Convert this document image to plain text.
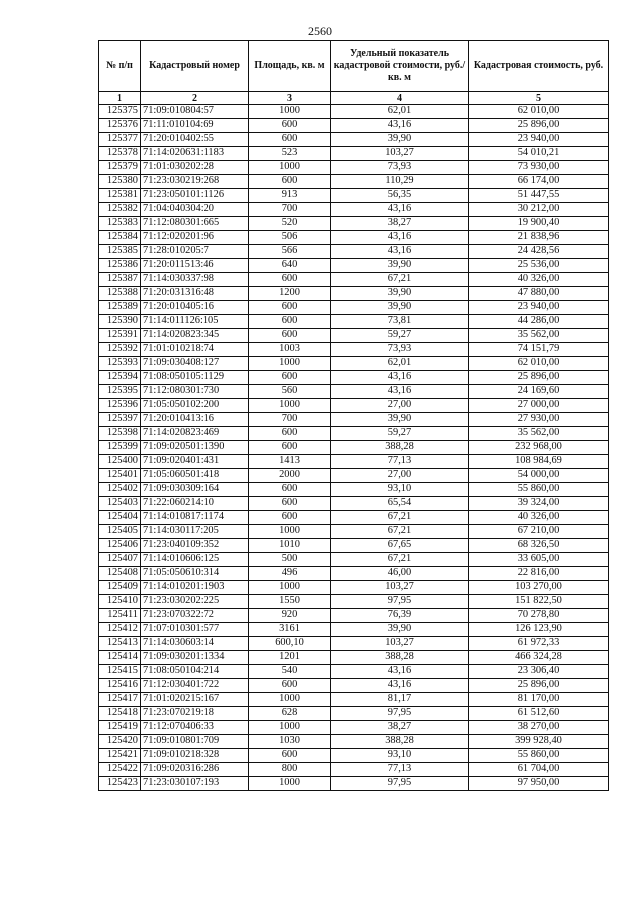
2560
№ п/п	Кадастровый номер	Площадь, кв. м	Удельный показатель кадастровой стоимости, руб./кв. м	Кадастровая стоимость, руб.
1	2	3	4	5
125375	71:09:010804:57	1000	62,01	62 010,00
125376	71:11:010104:69	600	43,16	25 896,00
125377	71:20:010402:55	600	39,90	23 940,00
125378	71:14:020631:1183	523	103,27	54 010,21
125379	71:01:030202:28	1000	73,93	73 930,00
125380	71:23:030219:268	600	110,29	66 174,00
125381	71:23:050101:1126	913	56,35	51 447,55
125382	71:04:040304:20	700	43,16	30 212,00
125383	71:12:080301:665	520	38,27	19 900,40
125384	71:12:020201:96	506	43,16	21 838,96
125385	71:28:010205:7	566	43,16	24 428,56
125386	71:20:011513:46	640	39,90	25 536,00
125387	71:14:030337:98	600	67,21	40 326,00
125388	71:20:031316:48	1200	39,90	47 880,00
125389	71:20:010405:16	600	39,90	23 940,00
125390	71:14:011126:105	600	73,81	44 286,00
125391	71:14:020823:345	600	59,27	35 562,00
125392	71:01:010218:74	1003	73,93	74 151,79
125393	71:09:030408:127	1000	62,01	62 010,00
125394	71:08:050105:1129	600	43,16	25 896,00
125395	71:12:080301:730	560	43,16	24 169,60
125396	71:05:050102:200	1000	27,00	27 000,00
125397	71:20:010413:16	700	39,90	27 930,00
125398	71:14:020823:469	600	59,27	35 562,00
125399	71:09:020501:1390	600	388,28	232 968,00
125400	71:09:020401:431	1413	77,13	108 984,69
125401	71:05:060501:418	2000	27,00	54 000,00
125402	71:09:030309:164	600	93,10	55 860,00
125403	71:22:060214:10	600	65,54	39 324,00
125404	71:14:010817:1174	600	67,21	40 326,00
125405	71:14:030117:205	1000	67,21	67 210,00
125406	71:23:040109:352	1010	67,65	68 326,50
125407	71:14:010606:125	500	67,21	33 605,00
125408	71:05:050610:314	496	46,00	22 816,00
125409	71:14:010201:1903	1000	103,27	103 270,00
125410	71:23:030202:225	1550	97,95	151 822,50
125411	71:23:070322:72	920	76,39	70 278,80
125412	71:07:010301:577	3161	39,90	126 123,90
125413	71:14:030603:14	600,10	103,27	61 972,33
125414	71:09:030201:1334	1201	388,28	466 324,28
125415	71:08:050104:214	540	43,16	23 306,40
125416	71:12:030401:722	600	43,16	25 896,00
125417	71:01:020215:167	1000	81,17	81 170,00
125418	71:23:070219:18	628	97,95	61 512,60
125419	71:12:070406:33	1000	38,27	38 270,00
125420	71:09:010801:709	1030	388,28	399 928,40
125421	71:09:010218:328	600	93,10	55 860,00
125422	71:09:020316:286	800	77,13	61 704,00
125423	71:23:030107:193	1000	97,95	97 950,00
